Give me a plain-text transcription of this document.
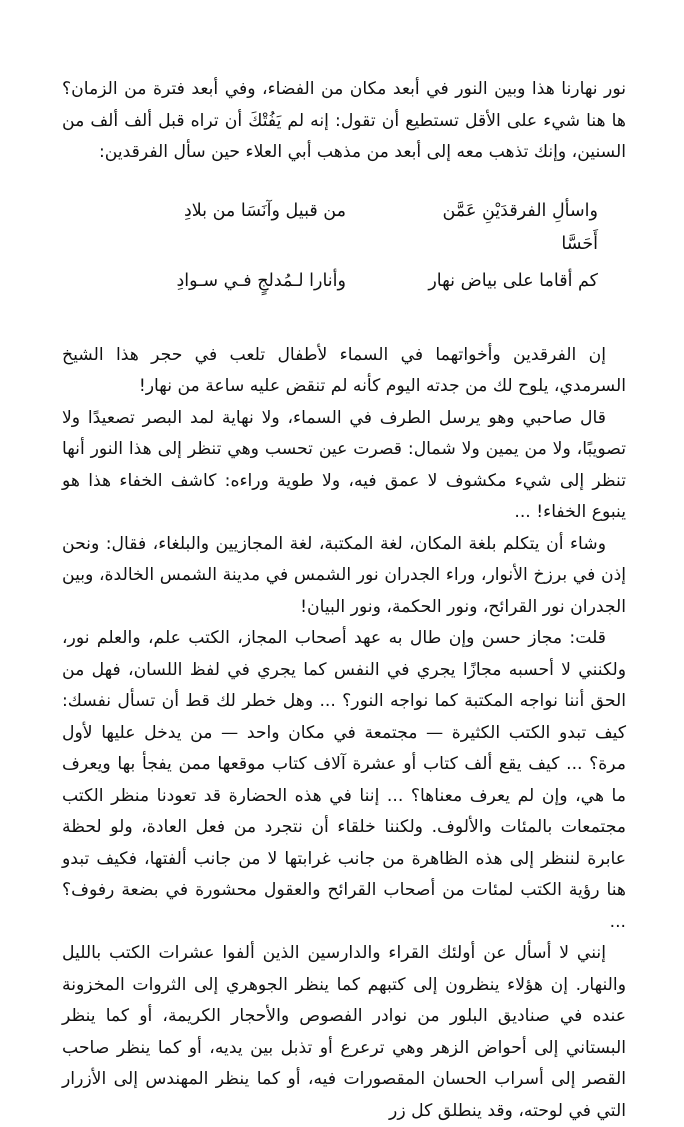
نور نهارنا هذا وبين النور في أبعد مكان من الفضاء، وفي أبعد فترة من الزمان؟ ها هنا شيء على الأقل تستطيع أن تقول: إنه لم يَفُتْكَ أن تراه قبل ألف ألف من السنين، وإنك تذهب معه إلى أبعد من مذهب أبي العلاء حين سأل الفرقدين:

واسألِ الفرقدَيْنِ عَمَّن أَحَسَّا
من قبيل وآنَسَا من بلادِ
كم أقاما على بياض نهار
وأنارا لـمُدلجٍ فـي سـوادِ

إن الفرقدين وأخواتهما في السماء لأطفال تلعب في حجر هذا الشيخ السرمدي، يلوح لك من جدته اليوم كأنه لم تنقض عليه ساعة من نهار!

قال صاحبي وهو يرسل الطرف في السماء، ولا نهاية لمد البصر تصعيدًا ولا تصويبًا، ولا من يمين ولا شمال: قصرت عين تحسب وهي تنظر إلى هذا النور أنها تنظر إلى شيء مكشوف لا عمق فيه، ولا طوية وراءه: كاشف الخفاء هذا هو ينبوع الخفاء! ...

وشاء أن يتكلم بلغة المكان، لغة المكتبة، لغة المجازيين والبلغاء، فقال: ونحن إذن في برزخ الأنوار، وراء الجدران نور الشمس في مدينة الشمس الخالدة، وبين الجدران نور القرائح، ونور الحكمة، ونور البيان!

قلت: مجاز حسن وإن طال به عهد أصحاب المجاز، الكتب علم، والعلم نور، ولكنني لا أحسبه مجازًا يجري في النفس كما يجري في لفظ اللسان، فهل من الحق أننا نواجه المكتبة كما نواجه النور؟ ... وهل خطر لك قط أن تسأل نفسك: كيف تبدو الكتب الكثيرة — مجتمعة في مكان واحد — من يدخل عليها لأول مرة؟ ... كيف يقع ألف كتاب أو عشرة آلاف كتاب موقعها ممن يفجأ بها ويعرف ما هي، وإن لم يعرف معناها؟ ... إننا في هذه الحضارة قد تعودنا منظر الكتب مجتمعات بالمئات والألوف. ولكننا خلقاء أن نتجرد من فعل العادة، ولو لحظة عابرة لننظر إلى هذه الظاهرة من جانب غرابتها لا من جانب ألفتها، فكيف تبدو هنا رؤية الكتب لمئات من أصحاب القرائح والعقول محشورة في بضعة رفوف؟ ...

إنني لا أسأل عن أولئك القراء والدارسين الذين ألفوا عشرات الكتب بالليل والنهار. إن هؤلاء ينظرون إلى كتبهم كما ينظر الجوهري إلى الثروات المخزونة عنده في صناديق البلور من نوادر الفصوص والأحجار الكريمة، أو كما ينظر البستاني إلى أحواض الزهر وهي ترعرع أو تذبل بين يديه، أو كما ينظر صاحب القصر إلى أسراب الحسان المقصورات فيه، أو كما ينظر المهندس إلى الأزرار التي في لوحته، وقد ينطلق كل زر
